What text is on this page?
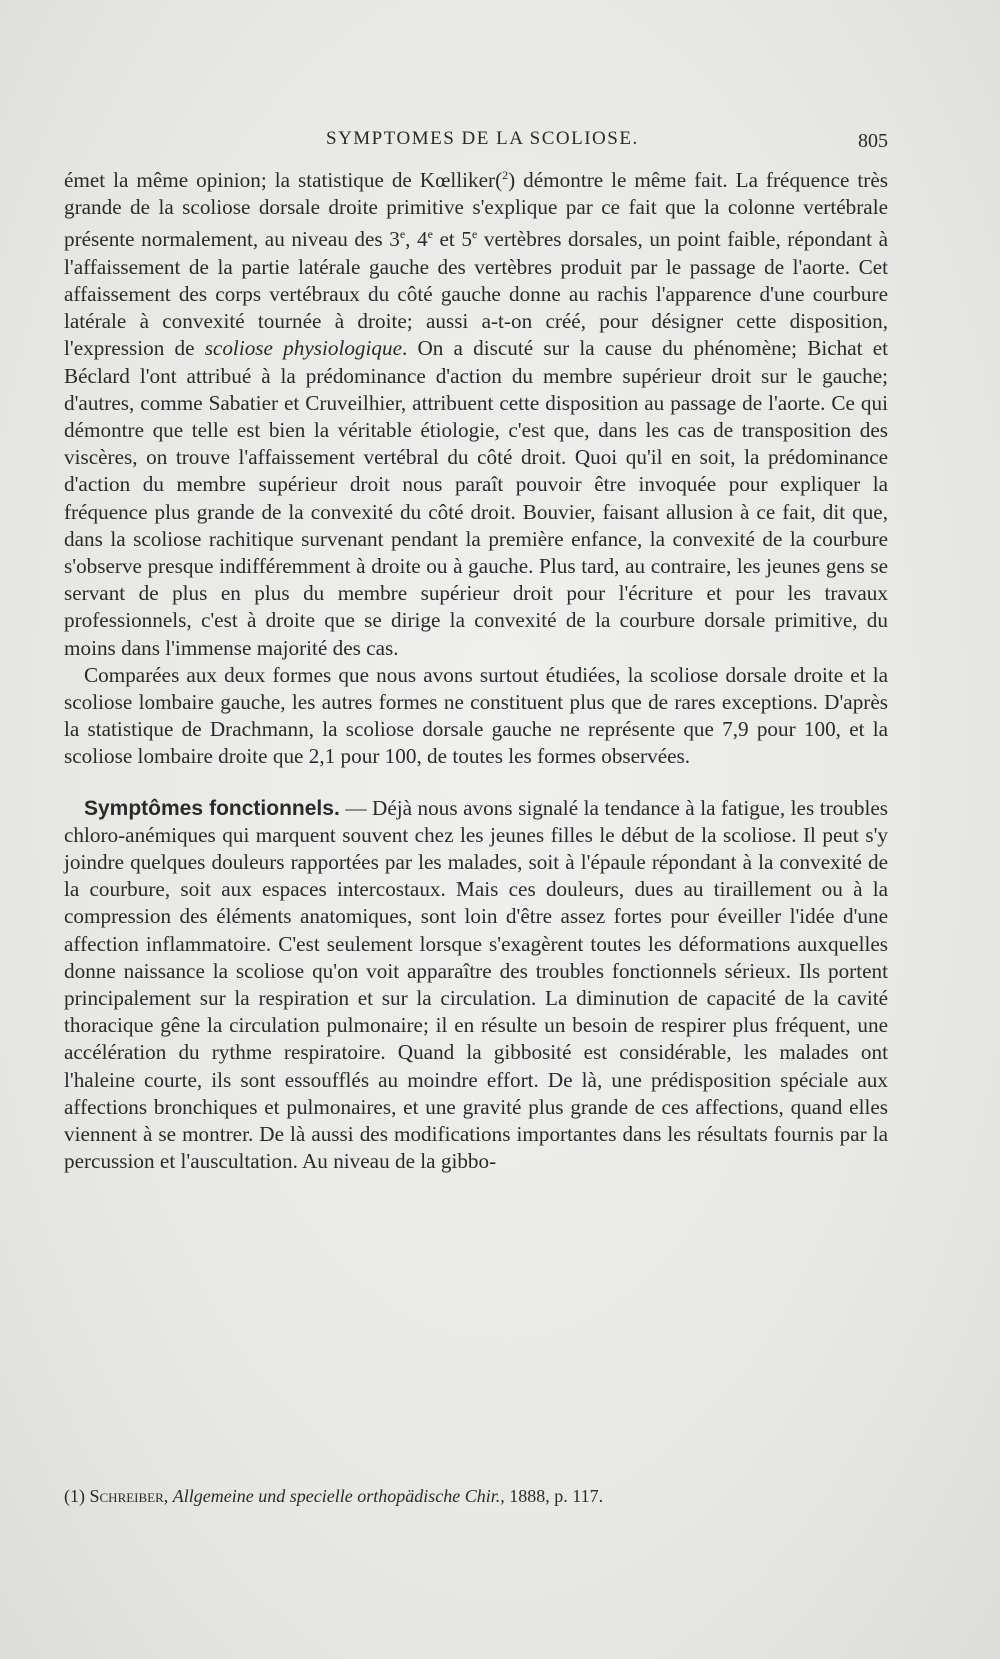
SYMPTOMES DE LA SCOLIOSE.	805

émet la même opinion; la statistique de Kœlliker($^2$) démontre le même fait. La fréquence très grande de la scoliose dorsale droite primitive s'explique par ce fait que la colonne vertébrale présente normalement, au niveau des 3e, 4e et 5e vertèbres dorsales, un point faible, répondant à l'affaissement de la partie latérale gauche des vertèbres produit par le passage de l'aorte. Cet affaissement des corps vertébraux du côté gauche donne au rachis l'apparence d'une courbure latérale à convexité tournée à droite; aussi a-t-on créé, pour désigner cette disposition, l'expression de scoliose physiologique. On a discuté sur la cause du phénomène; Bichat et Béclard l'ont attribué à la prédominance d'action du membre supérieur droit sur le gauche; d'autres, comme Sabatier et Cruveilhier, attribuent cette disposition au passage de l'aorte. Ce qui démontre que telle est bien la véritable étiologie, c'est que, dans les cas de transposition des viscères, on trouve l'affaissement vertébral du côté droit. Quoi qu'il en soit, la prédominance d'action du membre supérieur droit nous paraît pouvoir être invoquée pour expliquer la fréquence plus grande de la convexité du côté droit. Bouvier, faisant allusion à ce fait, dit que, dans la scoliose rachitique survenant pendant la première enfance, la convexité de la courbure s'observe presque indifféremment à droite ou à gauche. Plus tard, au contraire, les jeunes gens se servant de plus en plus du membre supérieur droit pour l'écriture et pour les travaux professionnels, c'est à droite que se dirige la convexité de la courbure dorsale primitive, du moins dans l'immense majorité des cas.

Comparées aux deux formes que nous avons surtout étudiées, la scoliose dorsale droite et la scoliose lombaire gauche, les autres formes ne constituent plus que de rares exceptions. D'après la statistique de Drachmann, la scoliose dorsale gauche ne représente que 7,9 pour 100, et la scoliose lombaire droite que 2,1 pour 100, de toutes les formes observées.

Symptômes fonctionnels. — Déjà nous avons signalé la tendance à la fatigue, les troubles chloro-anémiques qui marquent souvent chez les jeunes filles le début de la scoliose. Il peut s'y joindre quelques douleurs rapportées par les malades, soit à l'épaule répondant à la convexité de la courbure, soit aux espaces intercostaux. Mais ces douleurs, dues au tiraillement ou à la compression des éléments anatomiques, sont loin d'être assez fortes pour éveiller l'idée d'une affection inflammatoire. C'est seulement lorsque s'exagèrent toutes les déformations auxquelles donne naissance la scoliose qu'on voit apparaître des troubles fonctionnels sérieux. Ils portent principalement sur la respiration et sur la circulation. La diminution de capacité de la cavité thoracique gêne la circulation pulmonaire; il en résulte un besoin de respirer plus fréquent, une accélération du rythme respiratoire. Quand la gibbosité est considérable, les malades ont l'haleine courte, ils sont essoufflés au moindre effort. De là, une prédisposition spéciale aux affections bronchiques et pulmonaires, et une gravité plus grande de ces affections, quand elles viennent à se montrer. De là aussi des modifications importantes dans les résultats fournis par la percussion et l'auscultation. Au niveau de la gibbo-

(1) Schreiber, Allgemeine und specielle orthopädische Chir., 1888, p. 117.
